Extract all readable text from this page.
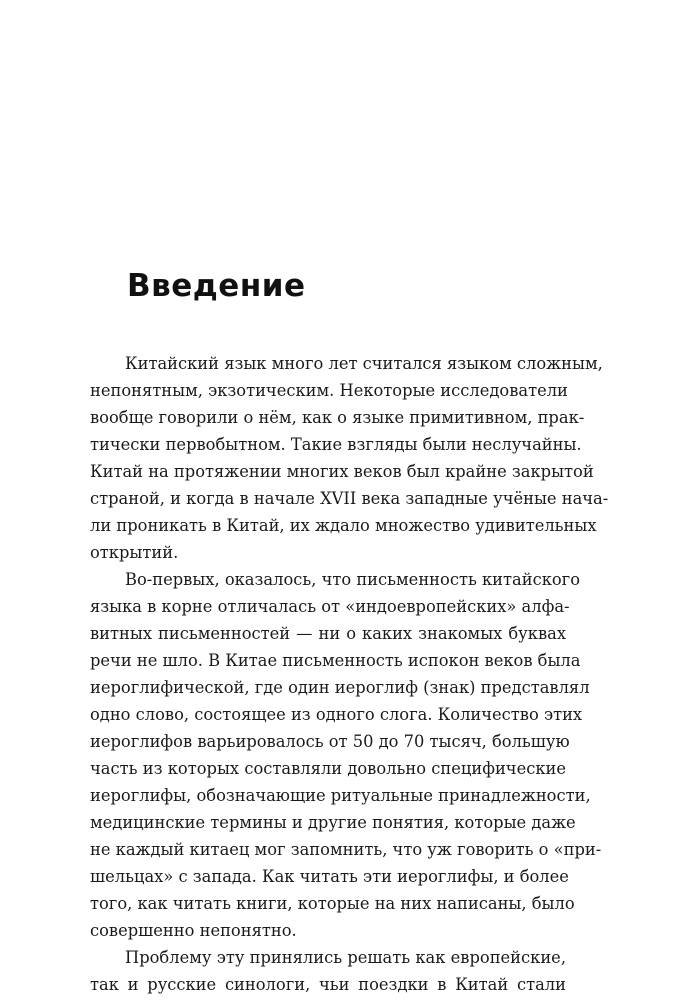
Введение
Китайский язык много лет считался языком сложным,
непонятным, экзотическим. Некоторые исследователи
вообще говорили о нём, как о языке примитивном, прак-
тически первобытном. Такие взгляды были неслучайны.
Китай на протяжении многих веков был крайне закрытой
страной, и когда в начале XVII века западные учёные нача-
ли проникать в Китай, их ждало множество удивительных
открытий.
Во-первых, оказалось, что письменность китайского
языка в корне отличалась от «индоевропейских» алфа-
витных письменностей — ни о каких знакомых буквах
речи не шло. В Китае письменность испокон веков была
иероглифической, где один иероглиф (знак) представлял
одно слово, состоящее из одного слога. Количество этих
иероглифов варьировалось от 50 до 70 тысяч, большую
часть из которых составляли довольно специфические
иероглифы, обозначающие ритуальные принадлежности,
медицинские термины и другие понятия, которые даже
не каждый китаец мог запомнить, что уж говорить о «при-
шельцах» с запада. Как читать эти иероглифы, и более
того, как читать книги, которые на них написаны, было
совершенно непонятно.
Проблему эту принялись решать как европейские,
так и русские синологи, чьи поездки в Китай стали
